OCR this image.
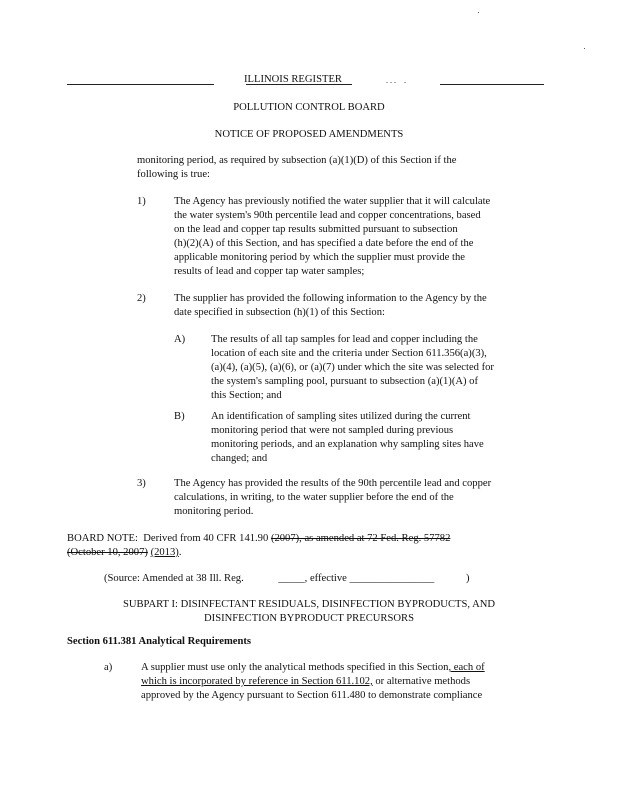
ILLINOIS REGISTER	. . .    .
POLLUTION CONTROL BOARD
NOTICE OF PROPOSED AMENDMENTS
monitoring period, as required by subsection (a)(1)(D) of this Section if the
following is true:
1)	The Agency has previously notified the water supplier that it will calculate
the water system's 90th percentile lead and copper concentrations, based
on the lead and copper tap results submitted pursuant to subsection
(h)(2)(A) of this Section, and has specified a date before the end of the
applicable monitoring period by which the supplier must provide the
results of lead and copper tap water samples;
2)	The supplier has provided the following information to the Agency by the
date specified in subsection (h)(1) of this Section:
A) The results of all tap samples for lead and copper including the
location of each site and the criteria under Section 611.356(a)(3),
(a)(4), (a)(5), (a)(6), or (a)(7) under which the site was selected for
the system's sampling pool, pursuant to subsection (a)(1)(A) of
this Section; and
B) An identification of sampling sites utilized during the current
monitoring period that were not sampled during previous
monitoring periods, and an explanation why sampling sites have
changed; and
3)	The Agency has provided the results of the 90th percentile lead and copper
calculations, in writing, to the water supplier before the end of the
monitoring period.
BOARD NOTE: Derived from 40 CFR 141.90 (2007), as amended at 72 Fed. Reg. 57782
(October 10, 2007) (2013).
(Source: Amended at 38 Ill. Reg.	_____, effective ________________	)
SUBPART I: DISINFECTANT RESIDUALS, DISINFECTION BYPRODUCTS, AND
DISINFECTION BYPRODUCT PRECURSORS
Section 611.381 Analytical Requirements
a)	A supplier must use only the analytical methods specified in this Section, each of
which is incorporated by reference in Section 611.102, or alternative methods
approved by the Agency pursuant to Section 611.480 to demonstrate compliance
